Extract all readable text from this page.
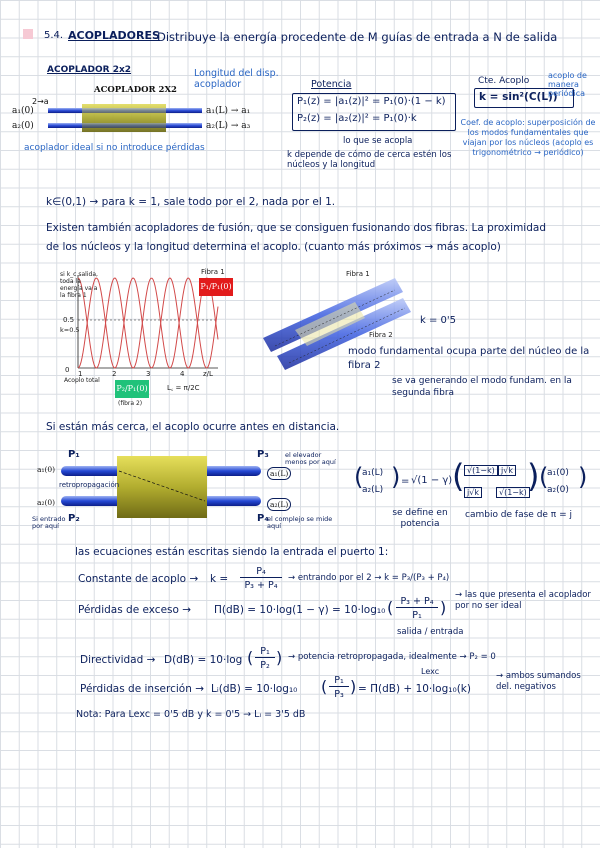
5.4. ACOPLADORES
Distribuye la energía procedente de M guías de entrada a N de salida
ACOPLADOR 2x2
ACOPLADOR 2X2
2→a
a₁(0)
a₂(0)
a₁(L) → a₁
a₂(L) → a₃
Longitud del disp. acoplador
acoplador ideal si no introduce pérdidas
Potencia
P₁(z) = |a₁(z)|² = P₁(0)·(1 − k)
P₂(z) = |a₂(z)|² = P₁(0)·k
lo que se acopla
k depende de cómo de cerca estén los núcleos y la longitud
Cte. Acoplo
k = sin²(C(L))
acoplo de manera periódica
Coef. de acoplo: superposición de los modos fundamentales que viajan por los núcleos (acoplo es trigonométrico → periódico)
k∈(0,1) → para k = 1, sale todo por el 2, nada por el 1.
Existen también acopladores de fusión, que se consiguen fusionando dos fibras. La proximidad
de los núcleos y la longitud determina el acoplo. (cuanto más próximos → más acoplo)
si k_c salida, toda la energía va a la fibra 1
Fibra 1
P₁/P₁(0)
0.5
k=0.5
0 1	2	3	4	z/L
Acoplo total
P₂/P₁(0)	L꜀ = π/2C
(fibra 2)
Fibra 1
Fibra 2
k = 0'5
modo fundamental ocupa parte del núcleo de la fibra 2
se va generando el modo fundam. en la segunda fibra
Si están más cerca, el acoplo ocurre antes en distancia.
P₁	P₃
P₂	P₄
a₁(0)
a₂(0)
a₁(L)
a₂(L)
retropropagación
el elevador menos por aquí
Si entrado por aquí
el complejo se mide aquí
(
a₁(L)
a₂(L) ) = √(1 − γ) ( √(1−k) j√k
j√k	√(1−k) ) (
a₁(0)
a₂(0) )
se define en potencia
cambio de fase de π = j
las ecuaciones están escritas siendo la entrada el puerto 1:
Constante de acoplo → k =
P₄
P₃ + P₄
→ entrando por el 2 → k = P₃/(P₃ + P₄)
Pérdidas de exceso → Π(dB) = 10·log(1 − γ) = 10·log₁₀ ( P₃ + P₄
P₁	)
→ las que presenta el acoplador por no ser ideal
salida / entrada
Directividad → D(dB) = 10·log ( P₁
P₂ ) → potencia retropropagada, idealmente → P₂ = 0
Lexc
Pérdidas de inserción → Lᵢ(dB) = 10·log₁₀ ( P₁
P₃ ) = Π(dB) + 10·log₁₀(k)
→ ambos sumandos del. negativos
Nota: Para Lexc = 0'5 dB y k = 0'5 → Lᵢ = 3'5 dB
